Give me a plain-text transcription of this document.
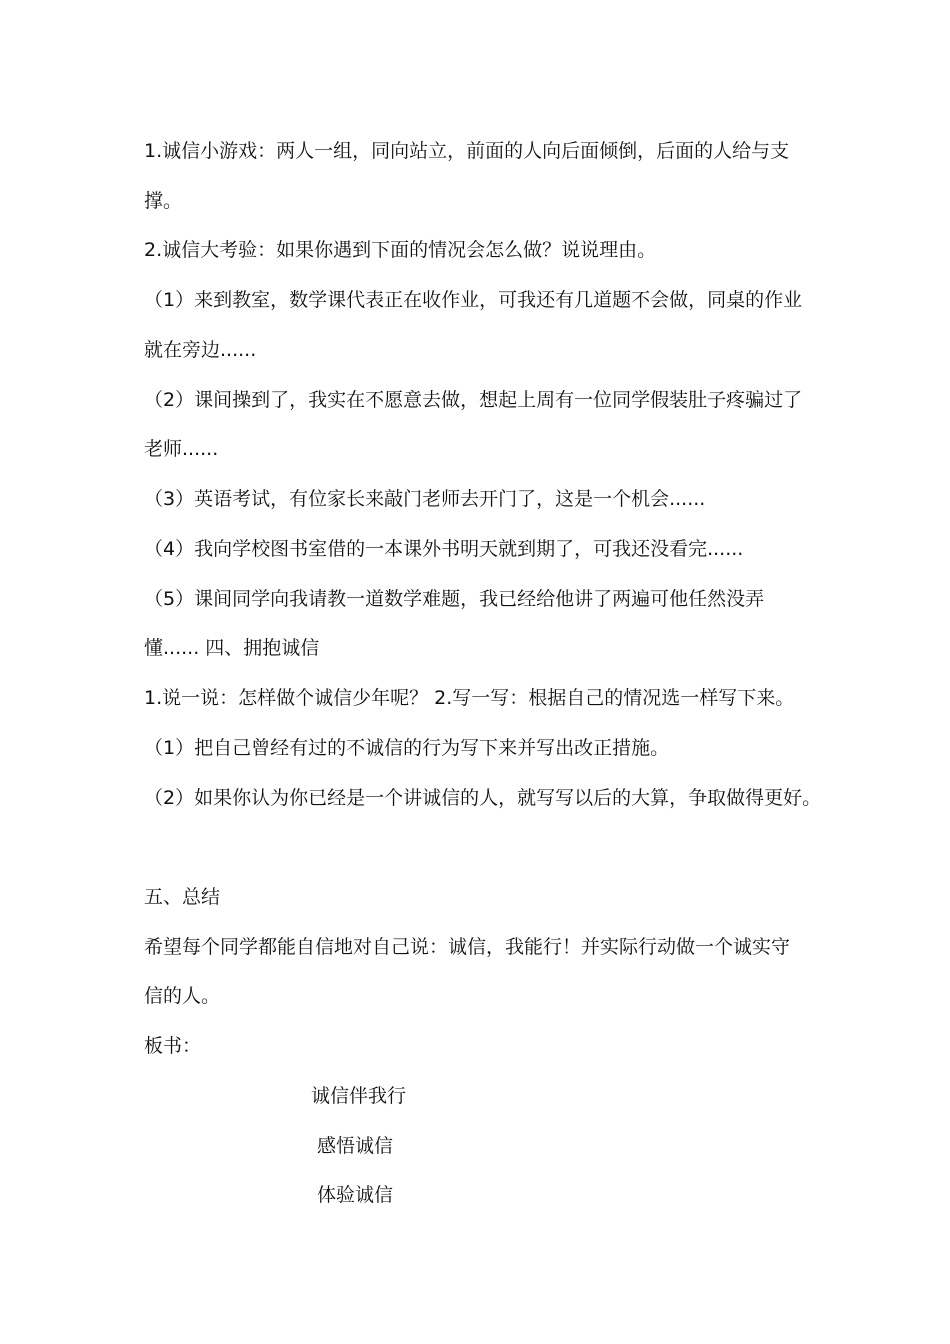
1.诚信小游戏：两人一组，同向站立，前面的人向后面倾倒，后面的人给与支
撑。
2.诚信大考验：如果你遇到下面的情况会怎么做？说说理由。
（1）来到教室，数学课代表正在收作业，可我还有几道题不会做，同桌的作业
就在旁边......
（2）课间操到了，我实在不愿意去做，想起上周有一位同学假装肚子疼骗过了
老师......
（3）英语考试，有位家长来敲门老师去开门了，这是一个机会......
（4）我向学校图书室借的一本课外书明天就到期了，可我还没看完......
（5）课间同学向我请教一道数学难题，我已经给他讲了两遍可他任然没弄
懂...... 四、拥抱诚信
1.说一说：怎样做个诚信少年呢？ 2.写一写：根据自己的情况选一样写下来。
（1）把自己曾经有过的不诚信的行为写下来并写出改正措施。
（2）如果你认为你已经是一个讲诚信的人，就写写以后的大算，争取做得更好。
五、总结
希望每个同学都能自信地对自己说：诚信，我能行！并实际行动做一个诚实守
信的人。
板书：
诚信伴我行
感悟诚信
体验诚信
